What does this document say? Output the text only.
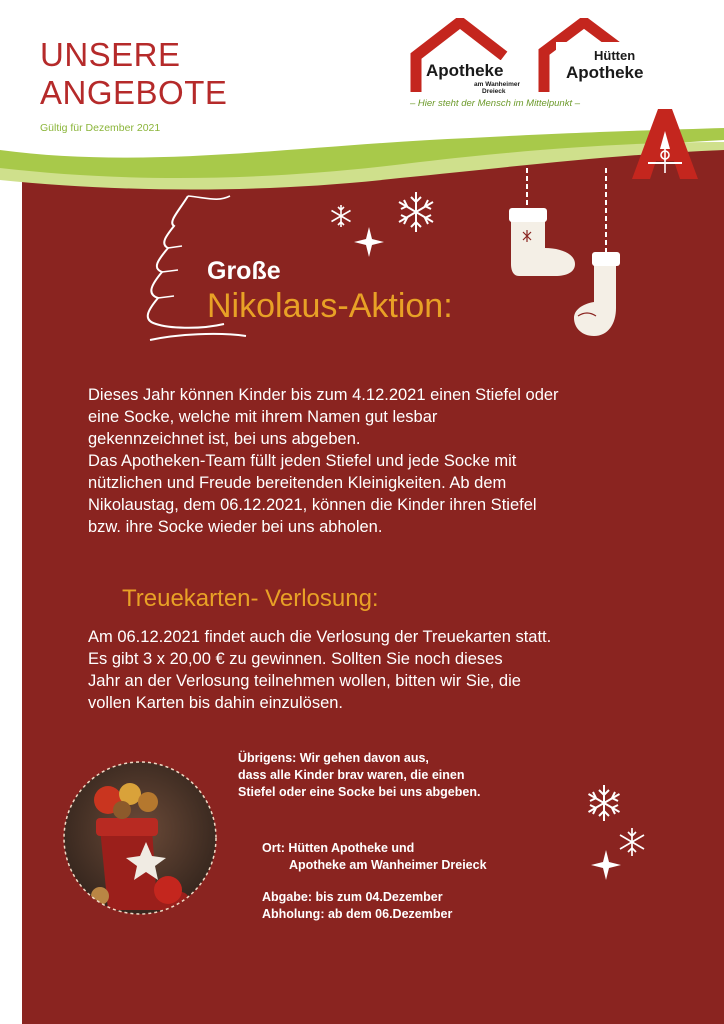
UNSERE
ANGEBOTE
Gültig für Dezember 2021
Apotheke
am Wanheimer
Dreieck
Hütten
Apotheke
– Hier steht der Mensch im Mittelpunkt –
Große
Nikolaus-Aktion:
Dieses Jahr können Kinder bis zum 4.12.2021 einen Stiefel oder
eine Socke, welche mit ihrem Namen gut lesbar
gekennzeichnet ist, bei uns abgeben.
Das Apotheken-Team füllt jeden Stiefel und jede Socke mit
nützlichen und Freude bereitenden Kleinigkeiten. Ab dem
Nikolaustag, dem 06.12.2021, können die Kinder ihren Stiefel
bzw. ihre Socke wieder bei uns abholen.
Treuekarten- Verlosung:
Am 06.12.2021 findet auch die Verlosung der Treuekarten statt.
Es gibt 3 x 20,00 € zu gewinnen. Sollten Sie noch dieses
Jahr an der Verlosung teilnehmen wollen, bitten wir Sie, die
vollen Karten bis dahin einzulösen.
Übrigens: Wir gehen davon aus,
dass alle Kinder brav waren, die einen
Stiefel oder eine Socke bei uns abgeben.
Ort: Hütten Apotheke und
Apotheke am Wanheimer Dreieck
Abgabe: bis zum 04.Dezember
Abholung: ab dem 06.Dezember
